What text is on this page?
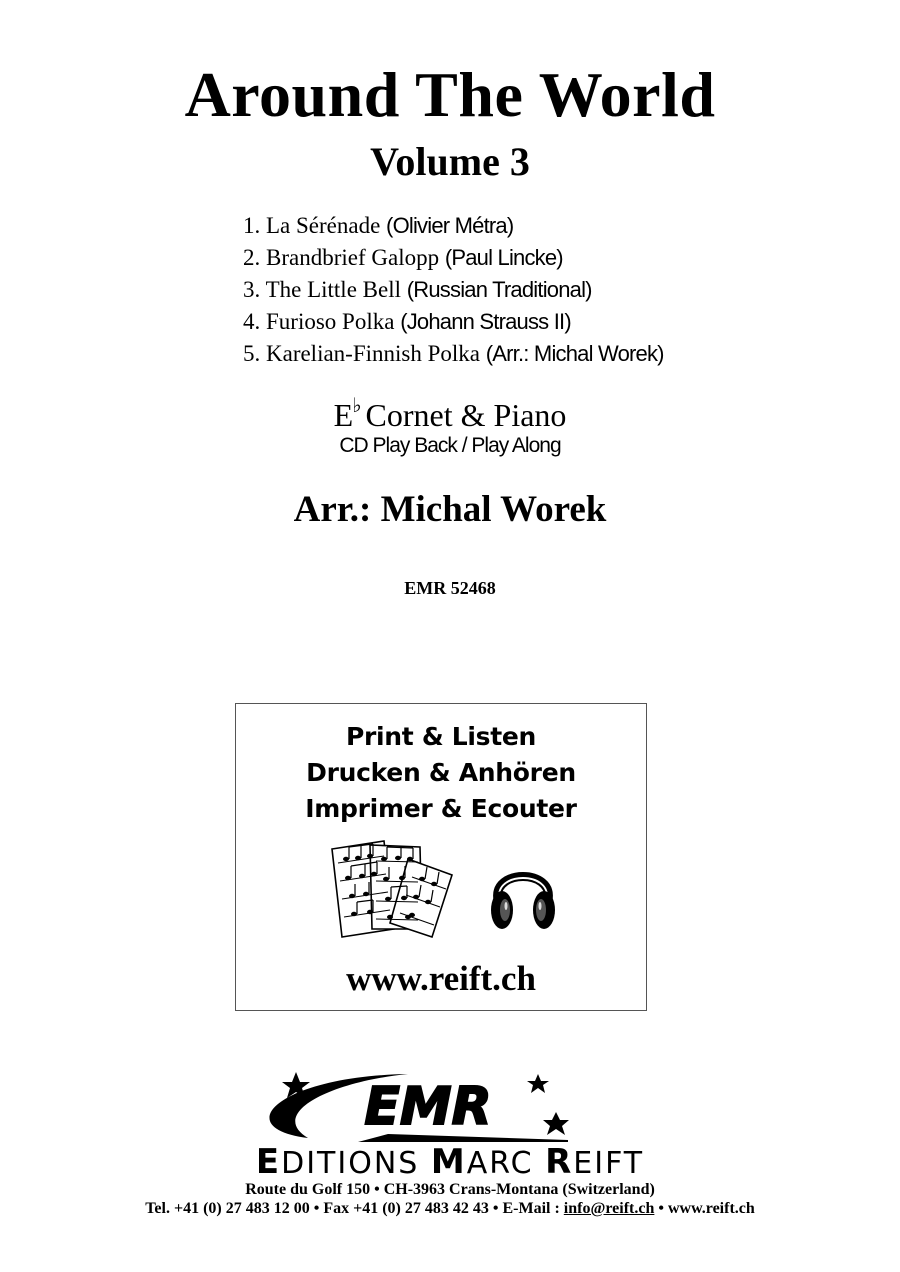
Around The World
Volume 3
1. La Sérénade (Olivier Métra)
2. Brandbrief Galopp (Paul Lincke)
3. The Little Bell (Russian Traditional)
4. Furioso Polka (Johann Strauss II)
5. Karelian-Finnish Polka (Arr.: Michal Worek)
E♭ Cornet & Piano
CD Play Back / Play Along
Arr.: Michal Worek
EMR 52468
Print & Listen
Drucken & Anhören
Imprimer & Ecouter
www.reift.ch
EMR
EDITIONS MARC REIFT
Route du Golf 150 • CH-3963 Crans-Montana (Switzerland)
Tel. +41 (0) 27 483 12 00 • Fax +41 (0) 27 483 42 43 • E-Mail : info@reift.ch • www.reift.ch
